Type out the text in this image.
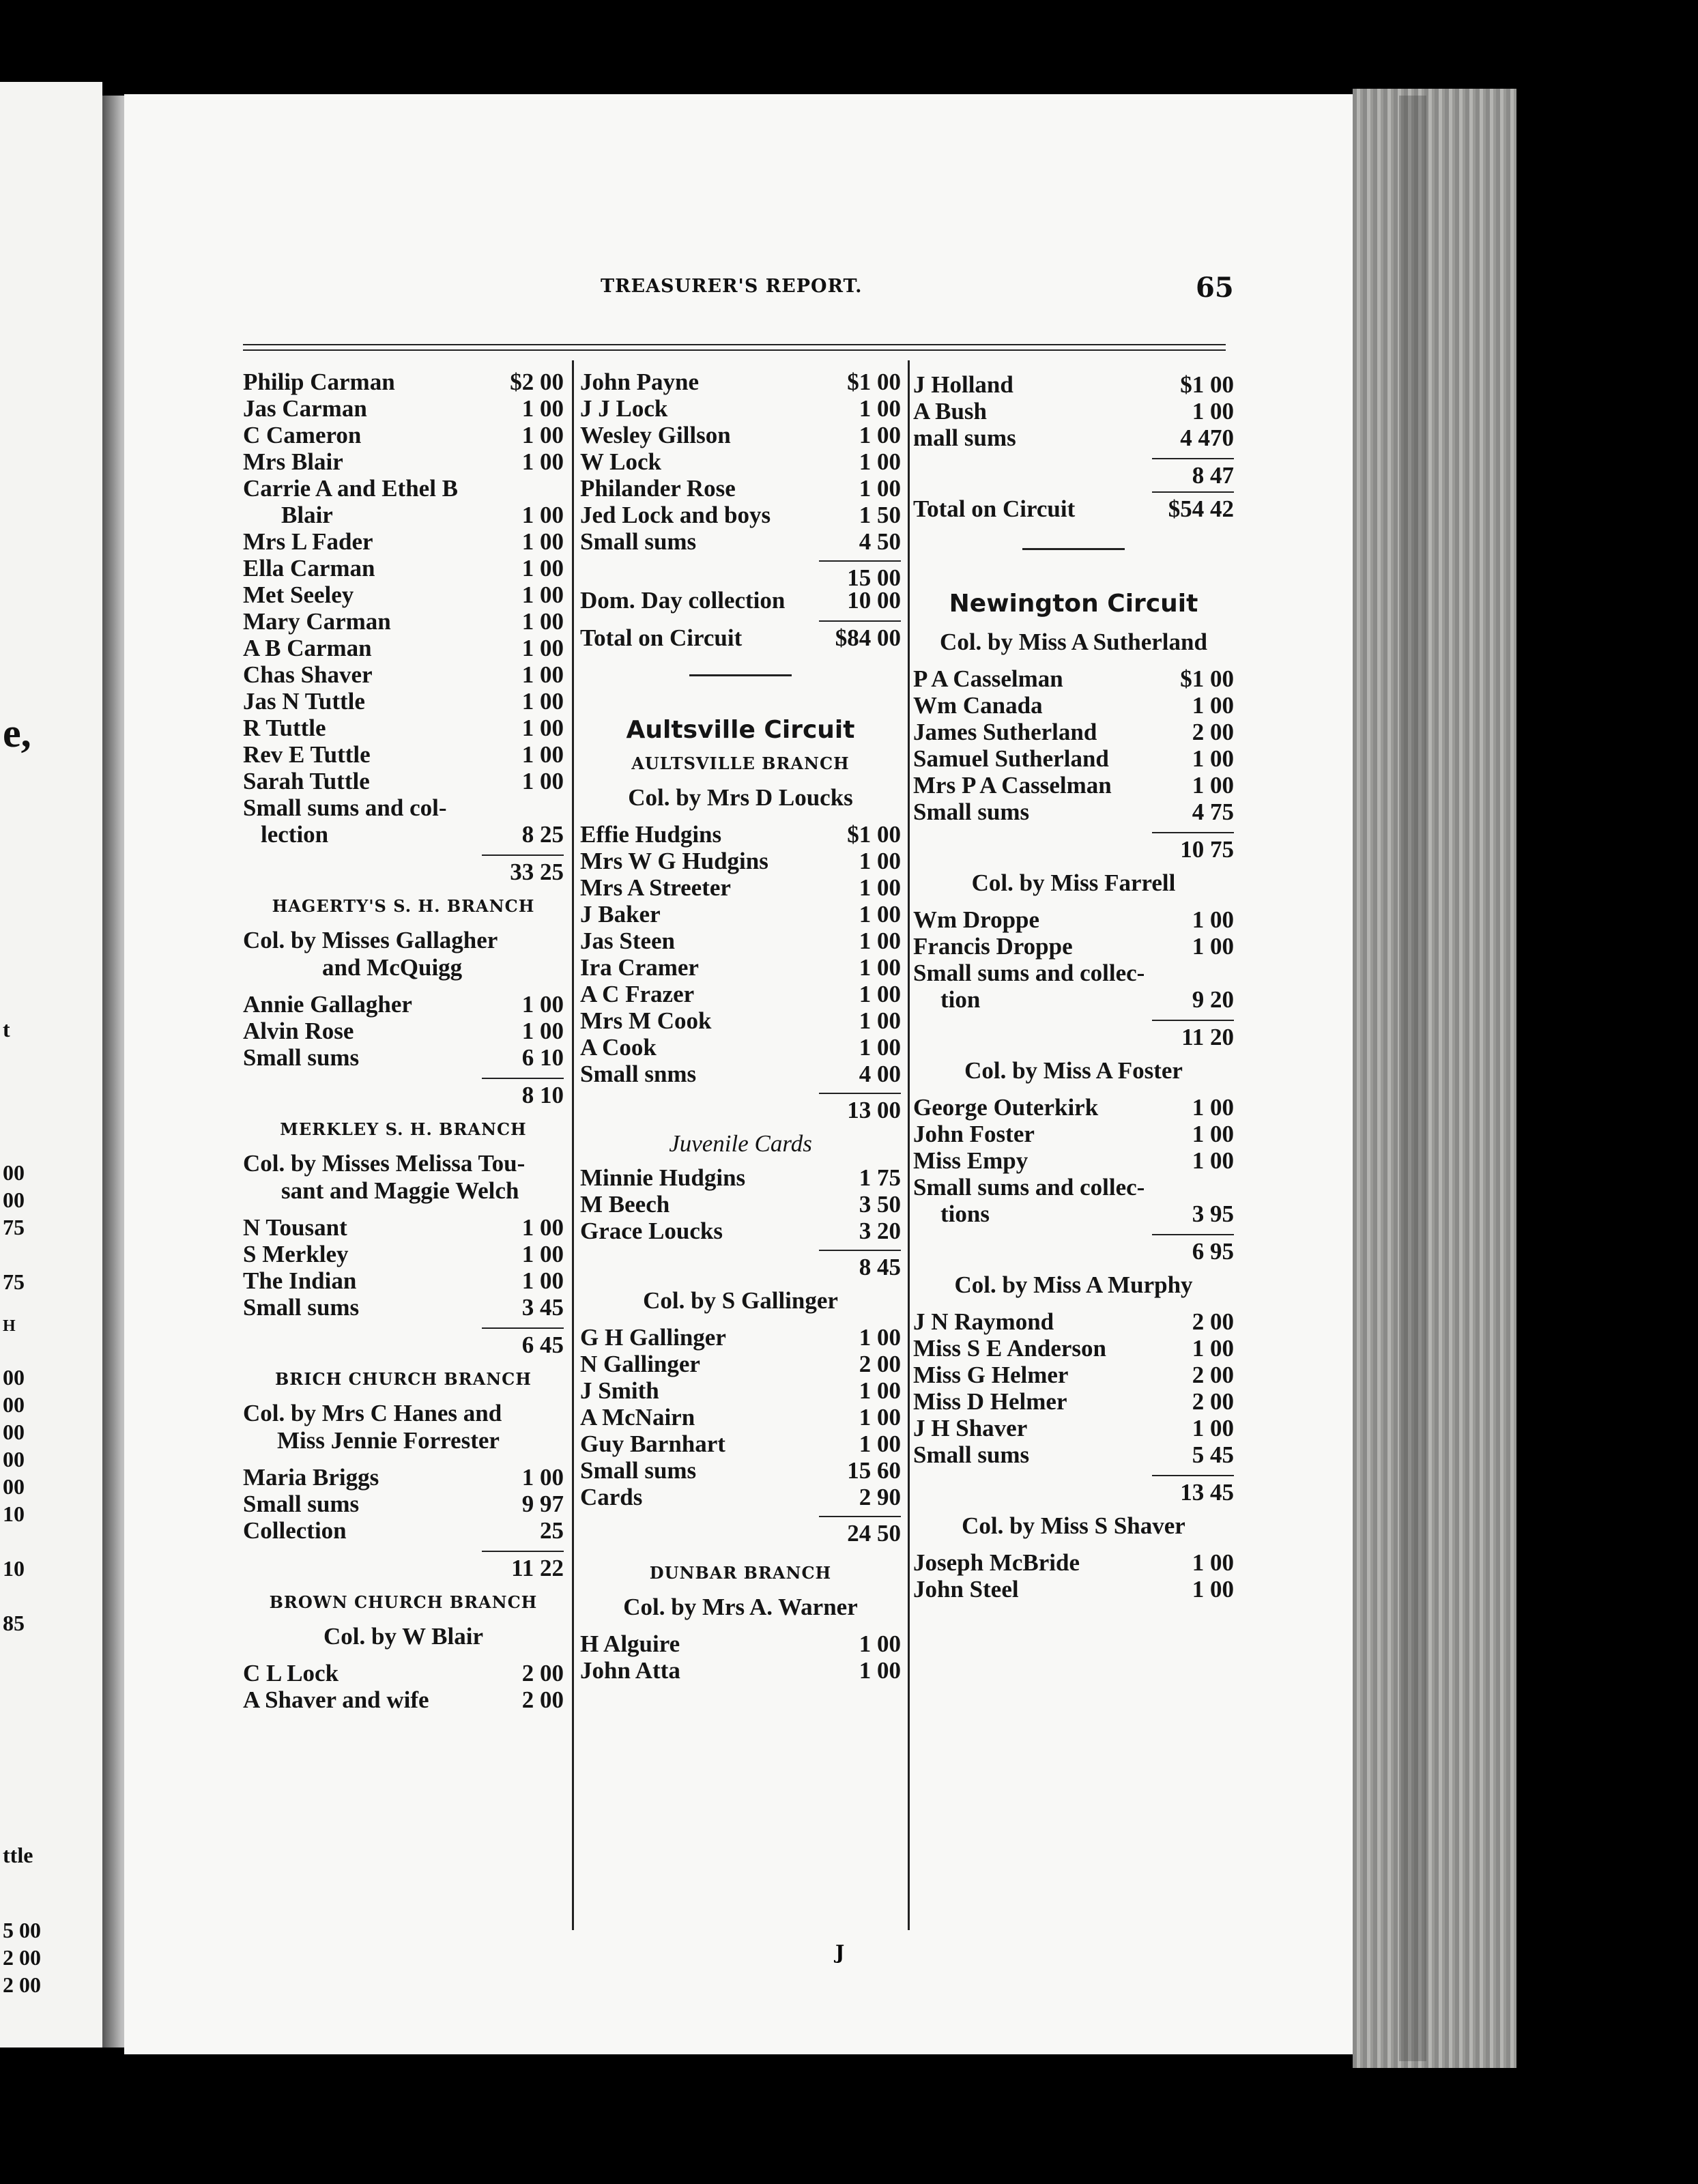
e,
t
00
00
75
75
H
00
00
00
00
00
10
10
85
ttle
5 00
2 00
2 00
TREASURER'S REPORT.	65
Philip Carman	$2 00
Jas Carman	1 00
C Cameron	1 00
Mrs Blair	1 00
Carrie A and Ethel B
Blair	1 00
Mrs L Fader	1 00
Ella Carman	1 00
Met Seeley	1 00
Mary Carman	1 00
A B Carman	1 00
Chas Shaver	1 00
Jas N Tuttle	1 00
R Tuttle	1 00
Rev E Tuttle	1 00
Sarah Tuttle	1 00
Small sums and col-
lection	8 25
33 25
HAGERTY'S S. H. BRANCH
Col. by Misses Gallagher
and McQuigg
Annie Gallagher	1 00
Alvin Rose	1 00
Small sums	6 10
8 10
MERKLEY S. H. BRANCH
Col. by Misses Melissa Tou-
sant and Maggie Welch
N Tousant	1 00
S Merkley	1 00
The Indian	1 00
Small sums	3 45
6 45
BRICH CHURCH BRANCH
Col. by Mrs C Hanes and
Miss Jennie Forrester
Maria Briggs	1 00
Small sums	9 97
Collection	25
11 22
BROWN CHURCH BRANCH
Col. by W Blair
C L Lock	2 00
A Shaver and wife	2 00
John Payne	$1 00
J J Lock	1 00
Wesley Gillson	1 00
W Lock	1 00
Philander Rose	1 00
Jed Lock and boys	1 50
Small sums	4 50
15 00
Dom. Day collection	10 00
Total on Circuit	$84 00
Aultsville Circuit
AULTSVILLE BRANCH
Col. by Mrs D Loucks
Effie Hudgins	$1 00
Mrs W G Hudgins	1 00
Mrs A Streeter	1 00
J Baker	1 00
Jas Steen	1 00
Ira Cramer	1 00
A C Frazer	1 00
Mrs M Cook	1 00
A Cook	1 00
Small snms	4 00
13 00
Juvenile Cards
Minnie Hudgins	1 75
M Beech	3 50
Grace Loucks	3 20
8 45
Col. by S Gallinger
G H Gallinger	1 00
N Gallinger	2 00
J Smith	1 00
A McNairn	1 00
Guy Barnhart	1 00
Small sums	15 60
Cards	2 90
24 50
DUNBAR BRANCH
Col. by Mrs A. Warner
H Alguire	1 00
John Atta	1 00
J Holland	$1 00
A Bush	1 00
mall sums	4 470
8 47
Total on Circuit	$54 42
Newington Circuit
Col. by Miss A Sutherland
P A Casselman	$1 00
Wm Canada	1 00
James Sutherland	2 00
Samuel Sutherland	1 00
Mrs P A Casselman	1 00
Small sums	4 75
10 75
Col. by Miss Farrell
Wm Droppe	1 00
Francis Droppe	1 00
Small sums and collec-
tion	9 20
11 20
Col. by Miss A Foster
George Outerkirk	1 00
John Foster	1 00
Miss Empy	1 00
Small sums and collec-
tions	3 95
6 95
Col. by Miss A Murphy
J N Raymond	2 00
Miss S E Anderson	1 00
Miss G Helmer	2 00
Miss D Helmer	2 00
J H Shaver	1 00
Small sums	5 45
13 45
Col. by Miss S Shaver
Joseph McBride	1 00
John Steel	1 00
J
